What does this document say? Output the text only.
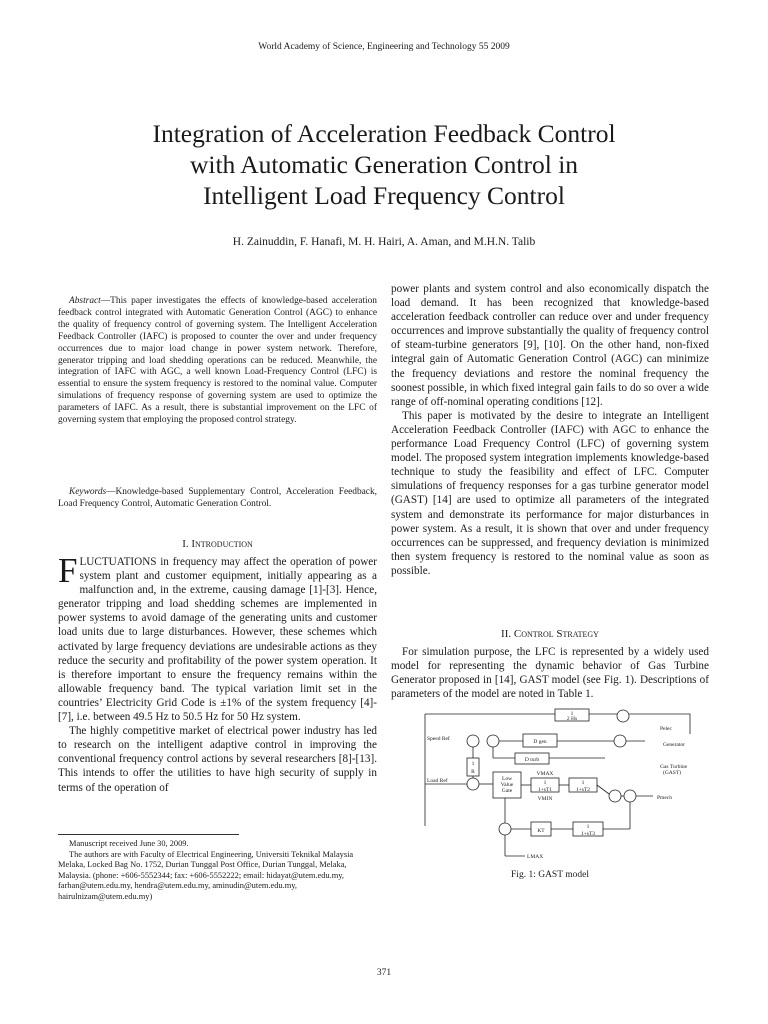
World Academy of Science, Engineering and Technology 55 2009
Integration of Acceleration Feedback Control
with Automatic Generation Control in
Intelligent Load Frequency Control
H. Zainuddin, F. Hanafi, M. H. Hairi, A. Aman, and M.H.N. Talib
Abstract—This paper investigates the effects of knowledge-based acceleration feedback control integrated with Automatic Generation Control (AGC) to enhance the quality of frequency control of governing system. The Intelligent Acceleration Feedback Controller (IAFC) is proposed to counter the over and under frequency occurrences due to major load change in power system network. Therefore, generator tripping and load shedding operations can be reduced. Meanwhile, the integration of IAFC with AGC, a well known Load-Frequency Control (LFC) is essential to ensure the system frequency is restored to the nominal value. Computer simulations of frequency response of governing system are used to optimize the parameters of IAFC. As a result, there is substantial improvement on the LFC of governing system that employing the proposed control strategy.
Keywords—Knowledge-based Supplementary Control, Acceleration Feedback, Load Frequency Control, Automatic Generation Control.
I. Introduction

FLUCTUATIONS in frequency may affect the operation of power system plant and customer equipment, initially appearing as a malfunction and, in the extreme, causing damage [1]-[3]. Hence, generator tripping and load shedding schemes are implemented in power systems to avoid damage of the generating units and customer load units due to large disturbances. However, these schemes which activated by large frequency deviations are undesirable actions as they reduce the security and profitability of the power system operation. It is therefore important to ensure the frequency remains within the allowable frequency band. The typical variation limit set in the countries’ Electricity Grid Code is ±1% of the system frequency [4]-[7], i.e. between 49.5 Hz to 50.5 Hz for 50 Hz system.

The highly competitive market of electrical power industry has led to research on the intelligent adaptive control in improving the conventional frequency control actions by several researchers [8]-[13]. This intends to offer the utilities to have high security of supply in terms of the operation of

Manuscript received June 30, 2009.

The authors are with Faculty of Electrical Engineering, Universiti Teknikal Malaysia Melaka, Locked Bag No. 1752, Durian Tunggal Post Office, Durian Tunggal, Melaka, Malaysia. (phone: +606-5552344; fax: +606-5552222; email: hidayat@utem.edu.my, farhan@utem.edu.my, hendra@utem.edu.my, aminudin@utem.edu.my, hairulnizam@utem.edu.my)

power plants and system control and also economically dispatch the load demand. It has been recognized that knowledge-based acceleration feedback controller can reduce over and under frequency occurrences and improve substantially the quality of frequency control of steam-turbine generators [9], [10]. On the other hand, non-fixed integral gain of Automatic Generation Control (AGC) can minimize the frequency deviations and restore the nominal frequency the soonest possible, in which fixed integral gain fails to do so over a wide range of off-nominal operating conditions [12].

This paper is motivated by the desire to integrate an Intelligent Acceleration Feedback Controller (IAFC) with AGC to enhance the performance Load Frequency Control (LFC) of governing system model. The proposed system integration implements knowledge-based technique to study the feasibility and effect of LFC. Computer simulations of frequency responses for a gas turbine generator model (GAST) [14] are used to optimize all parameters of the integrated system and demonstrate its performance for major disturbances in power system. As a result, it is shown that over and under frequency occurrences can be suppressed, and frequency deviation is minimized then system frequency is restored to the nominal value as soon as possible.

II. Control Strategy

For simulation purpose, the LFC is represented by a widely used model for representing the dynamic behavior of Gas Turbine Generator proposed in [14], GAST model (see Fig. 1). Descriptions of parameters of the model are noted in Table 1.

1
2 Hs
Speed Ref	D gen
D turb
1
R
Load Ref	Low
Value
Gate
VMAX
VMIN
1
1+sT1
1
1+sT2
1
1+sT3
KT
Pelec
Generator
Gas Turbine
(GAST)
Pmech
LMAX
Fig. 1: GAST model
371
